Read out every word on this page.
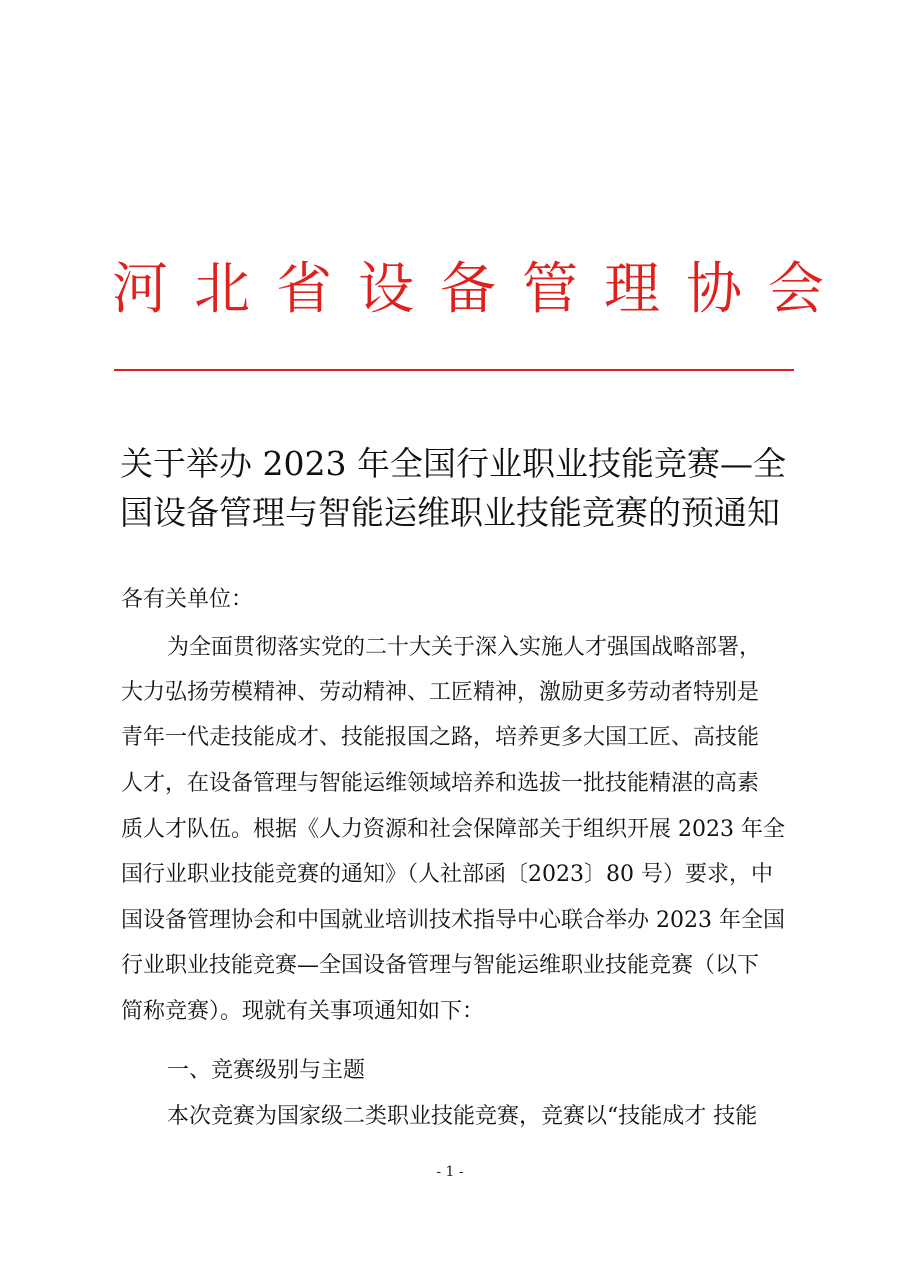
河北省设备管理协会
关于举办 2023 年全国行业职业技能竞赛—全
国设备管理与智能运维职业技能竞赛的预通知
各有关单位：
为全面贯彻落实党的二十大关于深入实施人才强国战略部署，
大力弘扬劳模精神、劳动精神、工匠精神，激励更多劳动者特别是
青年一代走技能成才、技能报国之路，培养更多大国工匠、高技能
人才，在设备管理与智能运维领域培养和选拔一批技能精湛的高素
质人才队伍。根据《人力资源和社会保障部关于组织开展 2023 年全
国行业职业技能竞赛的通知》（人社部函〔2023〕80 号）要求，中
国设备管理协会和中国就业培训技术指导中心联合举办 2023 年全国
行业职业技能竞赛—全国设备管理与智能运维职业技能竞赛（以下
简称竞赛）。现就有关事项通知如下：
一、竞赛级别与主题
本次竞赛为国家级二类职业技能竞赛，竞赛以“技能成才 技能
- 1 -
